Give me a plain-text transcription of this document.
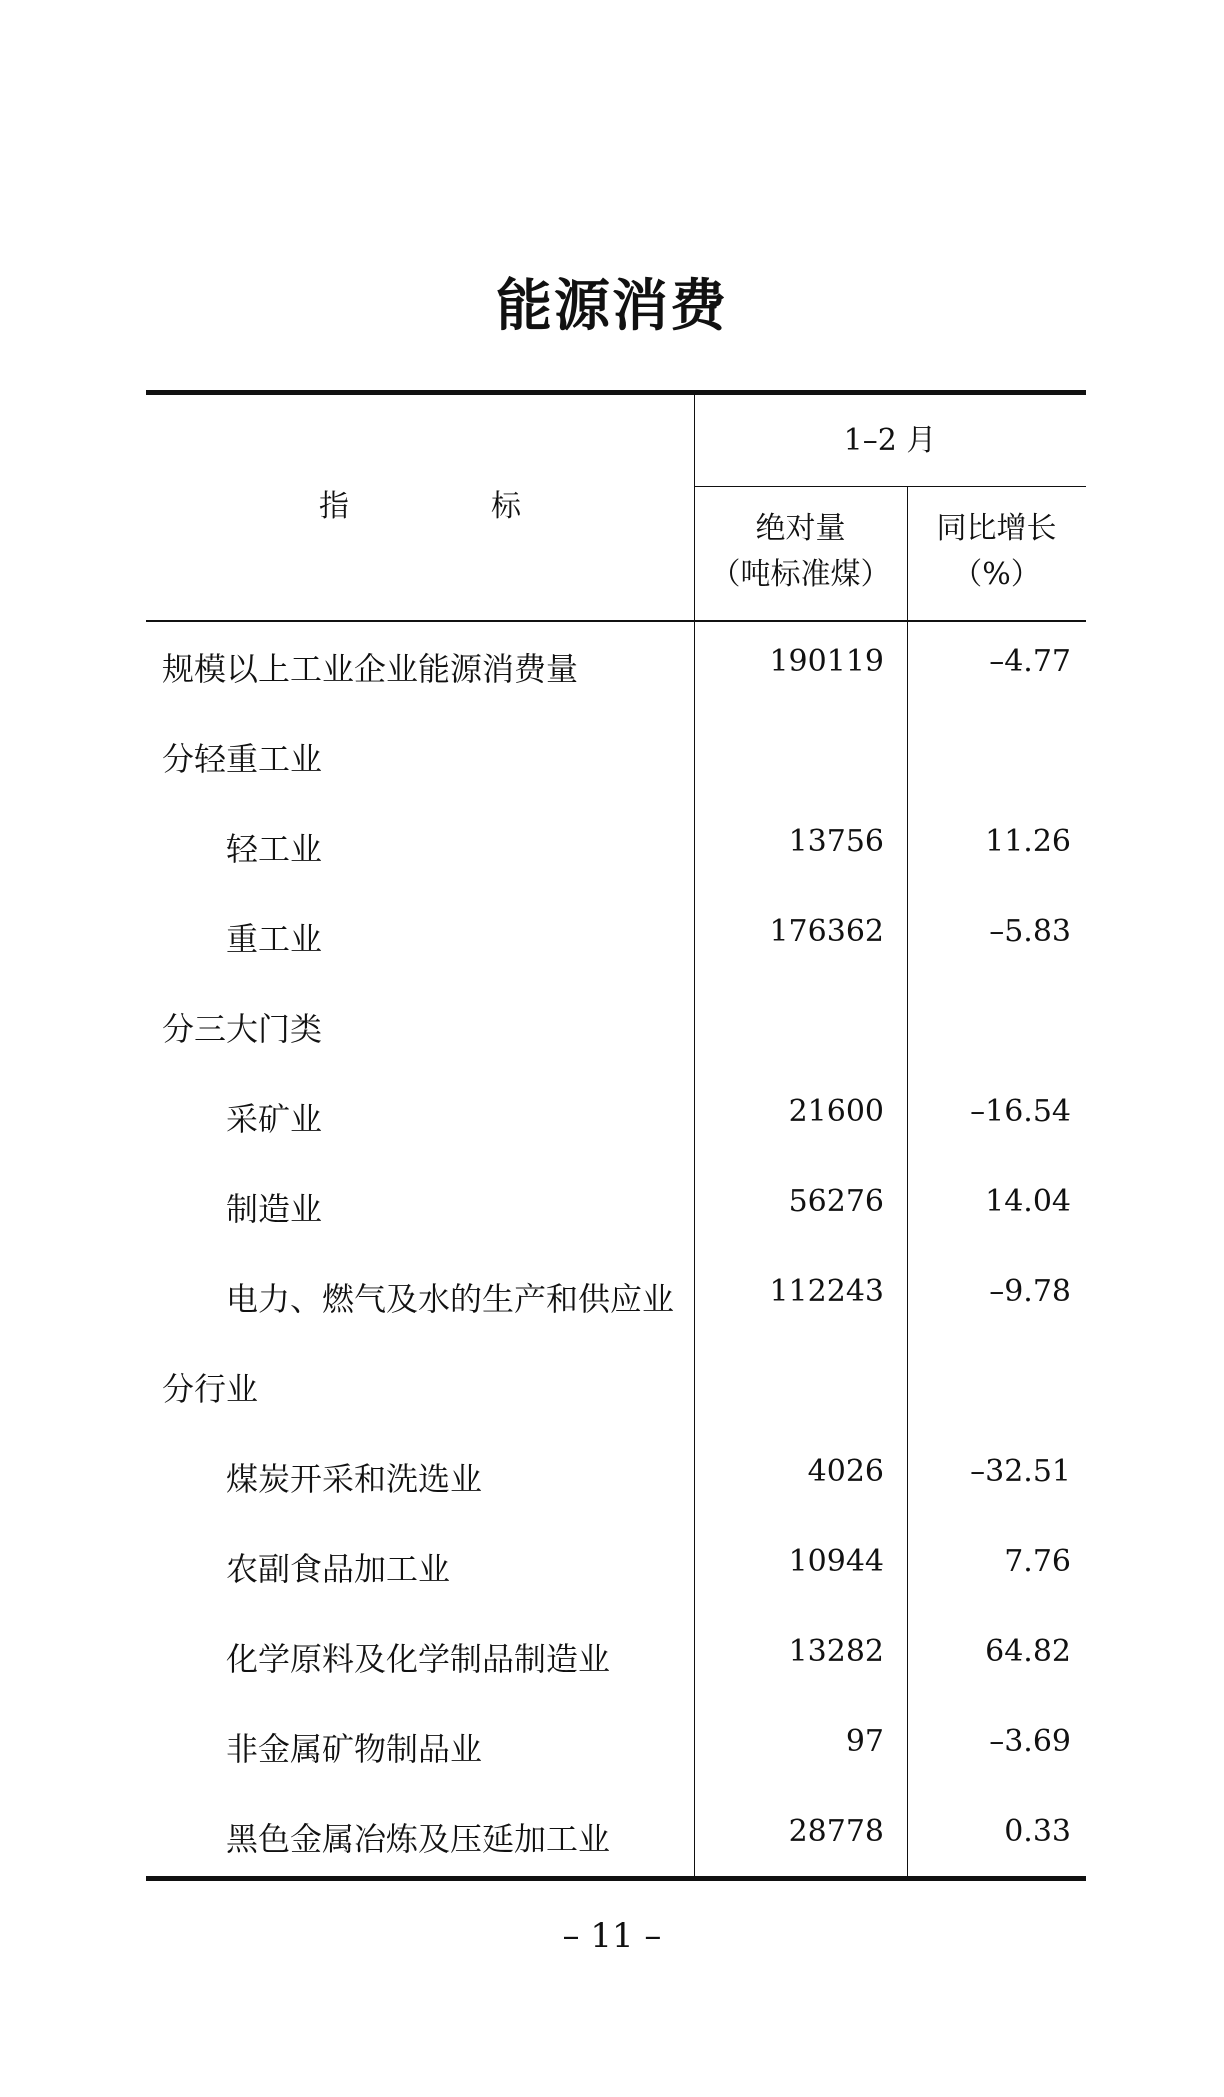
能源消费
指　标
1–2 月
绝对量
（吨标准煤）
同比增长
（%）
规模以上工业企业能源消费量	190119	–4.77
分轻重工业
轻工业	13756	11.26
重工业	176362	–5.83
分三大门类
采矿业	21600	–16.54
制造业	56276	14.04
电力、燃气及水的生产和供应业	112243	–9.78
分行业
煤炭开采和洗选业	4026	–32.51
农副食品加工业	10944	7.76
化学原料及化学制品制造业	13282	64.82
非金属矿物制品业	97	–3.69
黑色金属冶炼及压延加工业	28778	0.33
– 11 –
